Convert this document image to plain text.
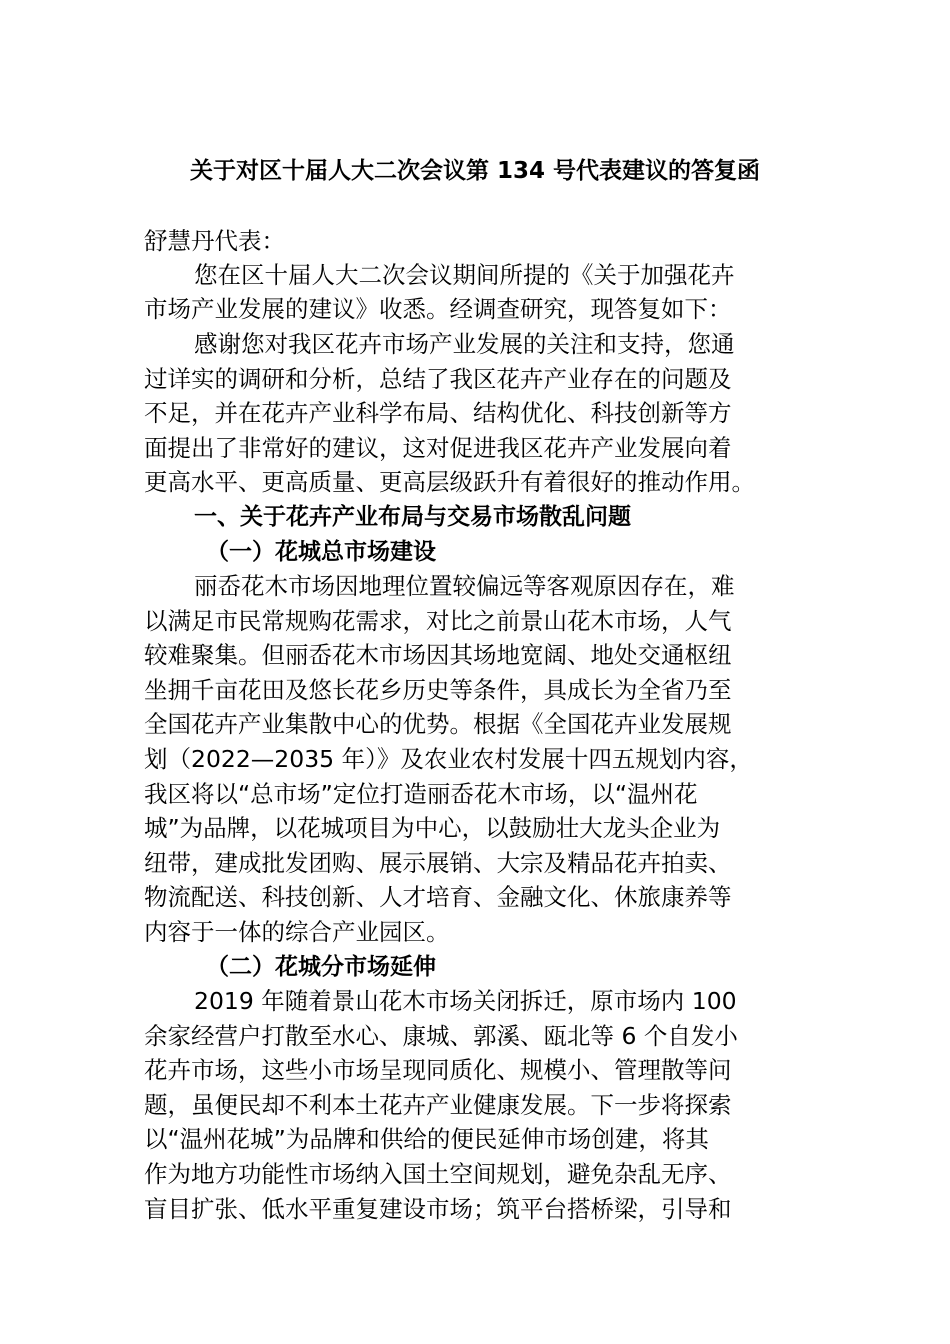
关于对区十届人大二次会议第 134 号代表建议的答复函
舒慧丹代表：
您在区十届人大二次会议期间所提的《关于加强花卉
市场产业发展的建议》收悉。经调查研究，现答复如下：
感谢您对我区花卉市场产业发展的关注和支持，您通
过详实的调研和分析，总结了我区花卉产业存在的问题及
不足，并在花卉产业科学布局、结构优化、科技创新等方
面提出了非常好的建议，这对促进我区花卉产业发展向着
更高水平、更高质量、更高层级跃升有着很好的推动作用。
一、关于花卉产业布局与交易市场散乱问题
（一）花城总市场建设
丽岙花木市场因地理位置较偏远等客观原因存在，难
以满足市民常规购花需求，对比之前景山花木市场，人气
较难聚集。但丽岙花木市场因其场地宽阔、地处交通枢纽
坐拥千亩花田及悠长花乡历史等条件，具成长为全省乃至
全国花卉产业集散中心的优势。根据《全国花卉业发展规
划（2022—2035 年）》及农业农村发展十四五规划内容，
我区将以“总市场”定位打造丽岙花木市场，以“温州花
城”为品牌，以花城项目为中心，以鼓励壮大龙头企业为
纽带，建成批发团购、展示展销、大宗及精品花卉拍卖、
物流配送、科技创新、人才培育、金融文化、休旅康养等
内容于一体的综合产业园区。
（二）花城分市场延伸
2019 年随着景山花木市场关闭拆迁，原市场内 100
余家经营户打散至水心、康城、郭溪、瓯北等 6 个自发小
花卉市场，这些小市场呈现同质化、规模小、管理散等问
题，虽便民却不利本土花卉产业健康发展。下一步将探索
以“温州花城”为品牌和供给的便民延伸市场创建，将其
作为地方功能性市场纳入国土空间规划，避免杂乱无序、
盲目扩张、低水平重复建设市场；筑平台搭桥梁，引导和
